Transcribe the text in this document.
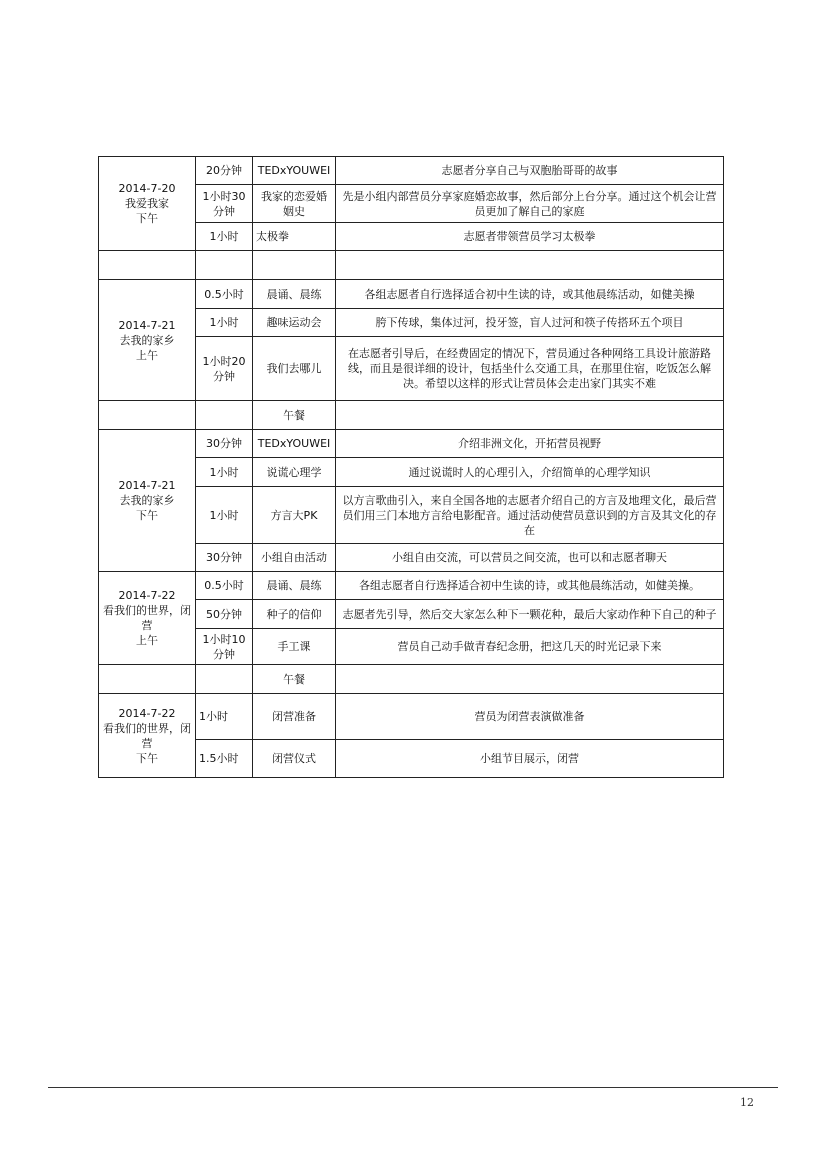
2014-7-20
我爱我家
下午	20分钟	TEDxYOUWEI	志愿者分享自己与双胞胎哥哥的故事
	1小时30分钟	我家的恋爱婚姻史	先是小组内部营员分享家庭婚恋故事，然后部分上台分享。通过这个机会让营员更加了解自己的家庭
	1小时	太极拳	志愿者带领营员学习太极拳

2014-7-21
去我的家乡
上午	0.5小时	晨诵、晨练	各组志愿者自行选择适合初中生读的诗，或其他晨练活动，如健美操
	1小时	趣味运动会	胯下传球，集体过河，投牙签，盲人过河和筷子传搭环五个项目
	1小时20分钟	我们去哪儿	在志愿者引导后，在经费固定的情况下，营员通过各种网络工具设计旅游路线，而且是很详细的设计，包括坐什么交通工具，在那里住宿，吃饭怎么解决。希望以这样的形式让营员体会走出家门其实不难
		午餐	

2014-7-21
去我的家乡
下午	30分钟	TEDxYOUWEI	介绍非洲文化，开拓营员视野
	1小时	说谎心理学	通过说谎时人的心理引入，介绍简单的心理学知识
	1小时	方言大PK	以方言歌曲引入，来自全国各地的志愿者介绍自己的方言及地理文化，最后营员们用三门本地方言给电影配音。通过活动使营员意识到的方言及其文化的存在
	30分钟	小组自由活动	小组自由交流，可以营员之间交流，也可以和志愿者聊天

2014-7-22
看我们的世界，闭营
上午	0.5小时	晨诵、晨练	各组志愿者自行选择适合初中生读的诗，或其他晨练活动，如健美操。
	50分钟	种子的信仰	志愿者先引导，然后交大家怎么种下一颗花种，最后大家动作种下自己的种子

	1小时10分钟	手工课	营员自己动手做青春纪念册，把这几天的时光记录下来
		午餐	

2014-7-22
看我们的世界，闭营
下午	1小时	闭营准备	营员为闭营表演做准备
	1.5小时	闭营仪式	小组节目展示，闭营
12
